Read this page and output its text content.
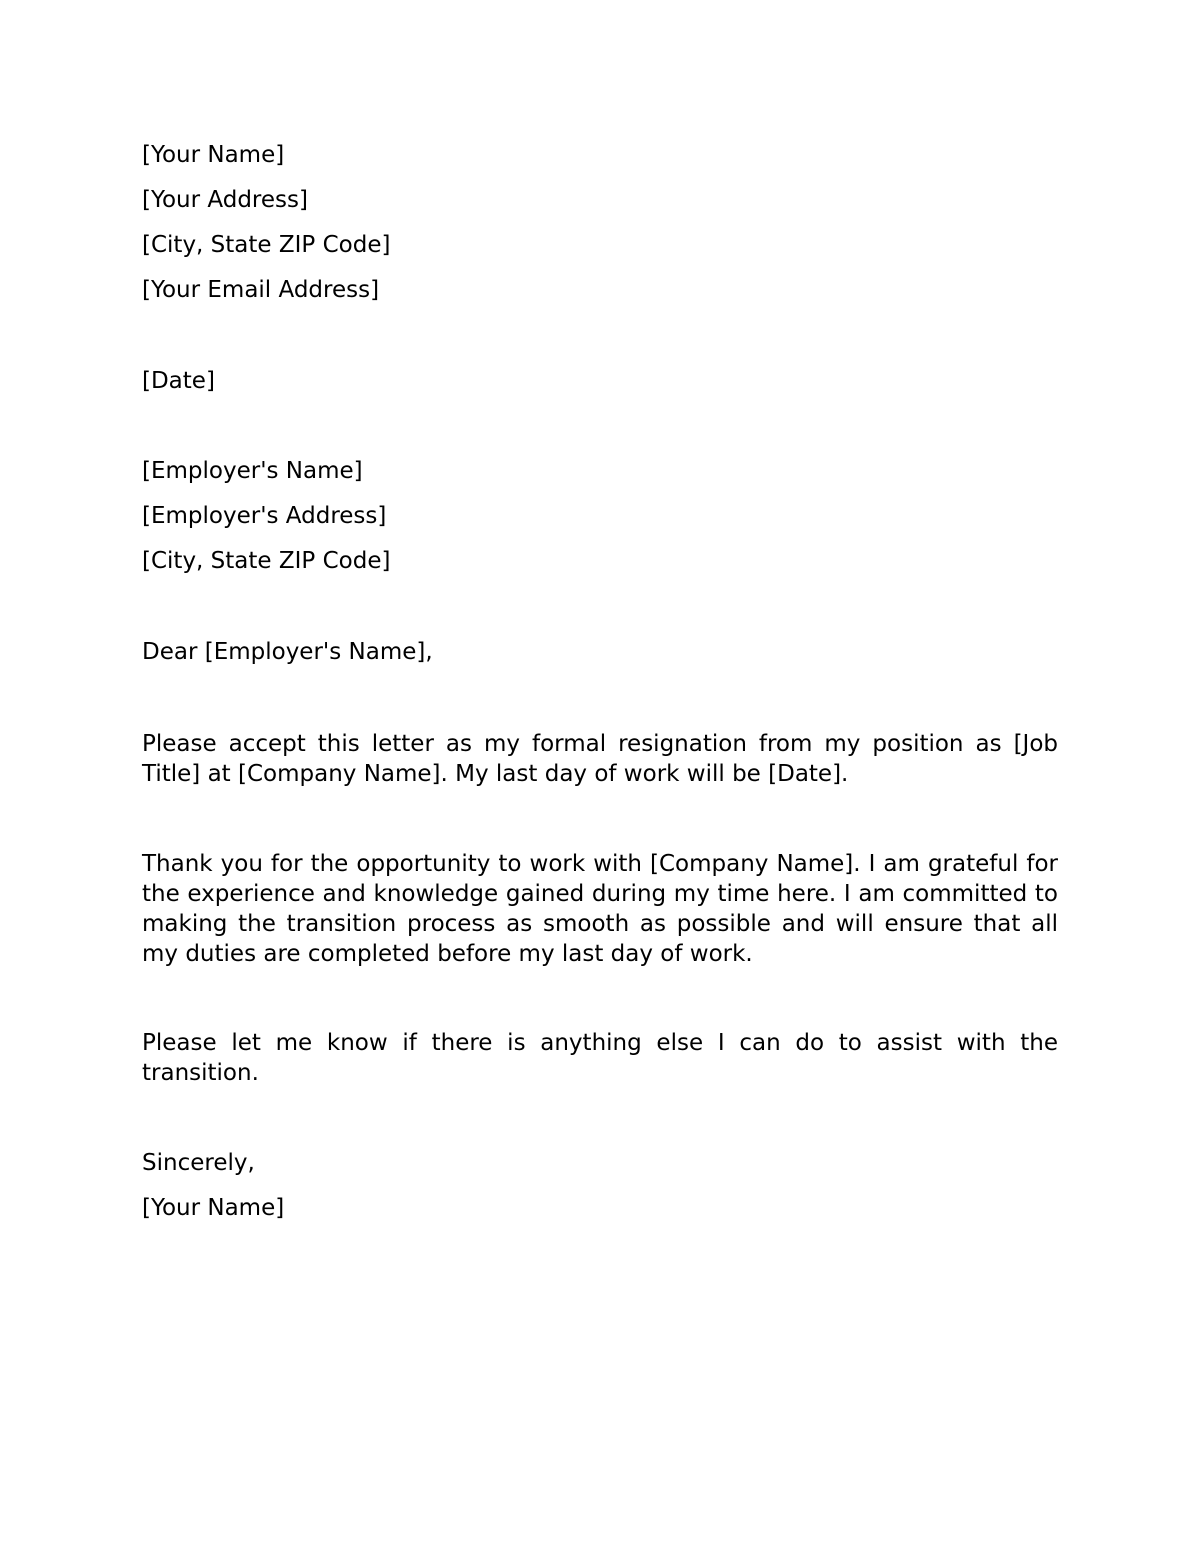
[Your Name]
[Your Address]
[City, State ZIP Code]
[Your Email Address]
[Date]
[Employer's Name]
[Employer's Address]
[City, State ZIP Code]
Dear [Employer's Name],
Please accept this letter as my formal resignation from my position as [Job Title] at [Company Name]. My last day of work will be [Date].
Thank you for the opportunity to work with [Company Name]. I am grateful for the experience and knowledge gained during my time here. I am committed to making the transition process as smooth as possible and will ensure that all my duties are completed before my last day of work.
Please let me know if there is anything else I can do to assist with the transition.
Sincerely,
[Your Name]
